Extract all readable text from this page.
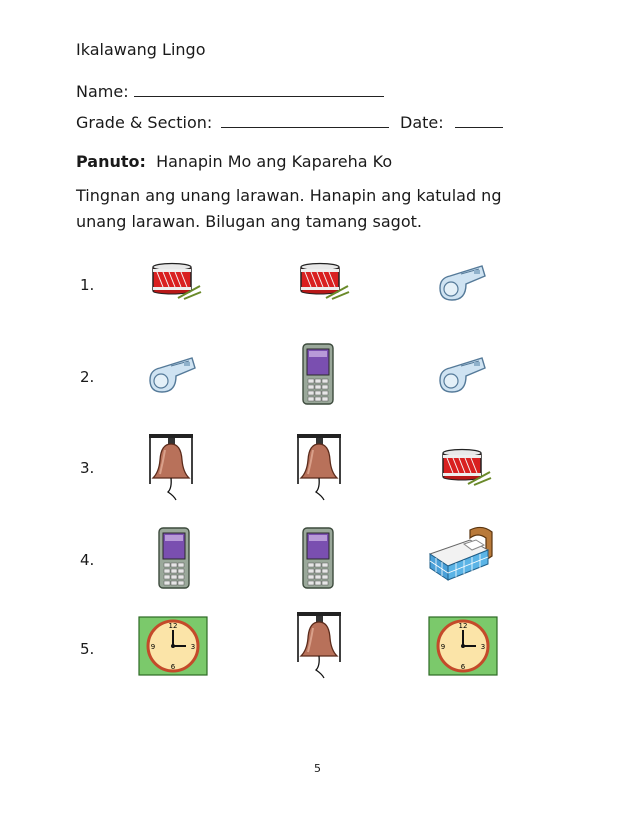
Ikalawang Lingo
Name:
Grade & Section:	Date:
Panuto: Hanapin Mo ang Kapareha Ko
Tingnan ang unang larawan. Hanapin ang katulad ng
unang larawan. Bilugan ang tamang sagot.
1.
2.
3.
4.
5.
12
3
6
9
12
3
6
9
5
